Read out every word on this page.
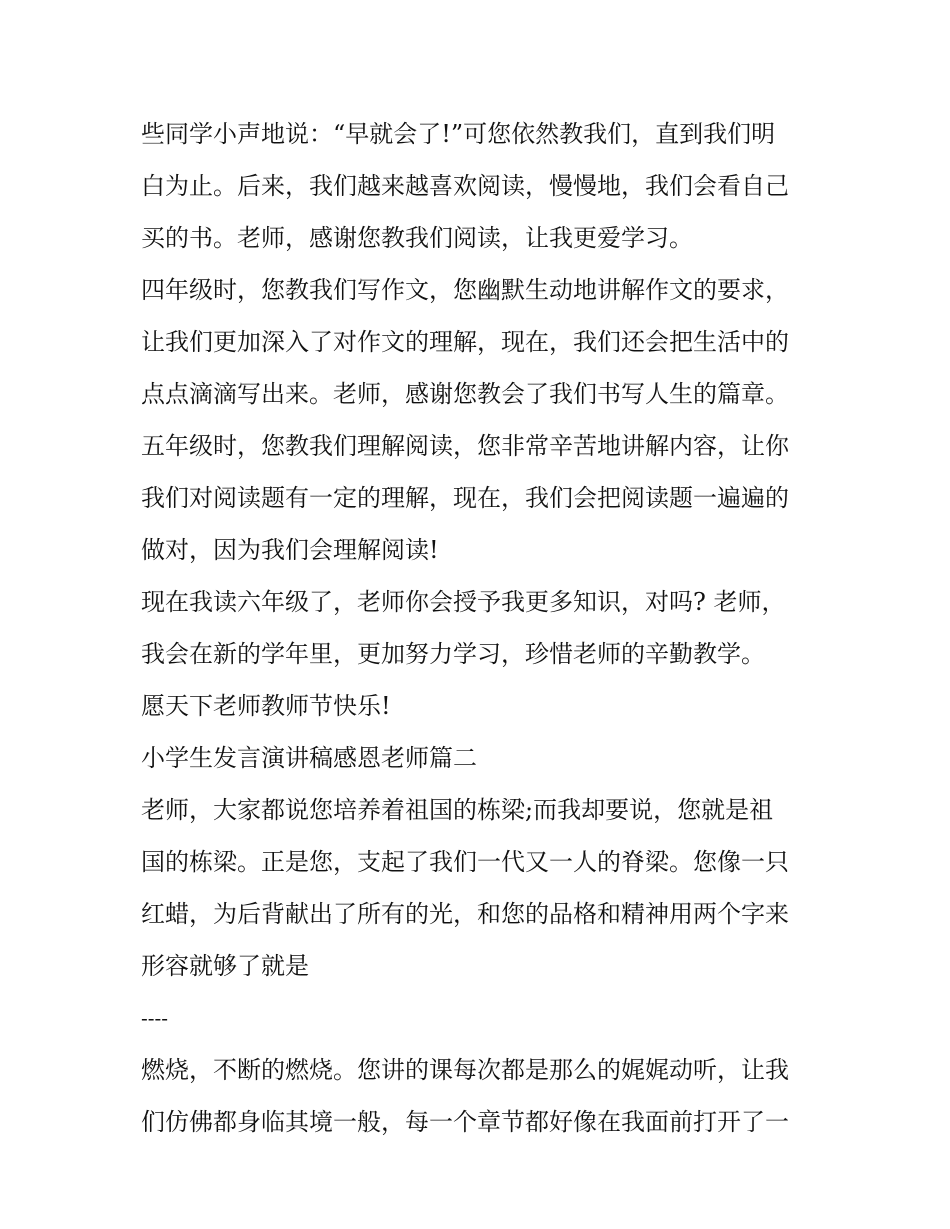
些同学小声地说：“早就会了!”可您依然教我们，直到我们明
白为止。后来，我们越来越喜欢阅读，慢慢地，我们会看自己
买的书。老师，感谢您教我们阅读，让我更爱学习。
四年级时，您教我们写作文，您幽默生动地讲解作文的要求，
让我们更加深入了对作文的理解，现在，我们还会把生活中的
点点滴滴写出来。老师，感谢您教会了我们书写人生的篇章。
五年级时，您教我们理解阅读，您非常辛苦地讲解内容，让你
我们对阅读题有一定的理解，现在，我们会把阅读题一遍遍的
做对，因为我们会理解阅读!
现在我读六年级了，老师你会授予我更多知识，对吗? 老师，
我会在新的学年里，更加努力学习，珍惜老师的辛勤教学。
愿天下老师教师节快乐!
小学生发言演讲稿感恩老师篇二
老师，大家都说您培养着祖国的栋梁;而我却要说，您就是祖
国的栋梁。正是您，支起了我们一代又一人的脊梁。您像一只
红蜡，为后背献出了所有的光，和您的品格和精神用两个字来
形容就够了就是
----
燃烧，不断的燃烧。您讲的课每次都是那么的娓娓动听，让我
们仿佛都身临其境一般，每一个章节都好像在我面前打开了一
